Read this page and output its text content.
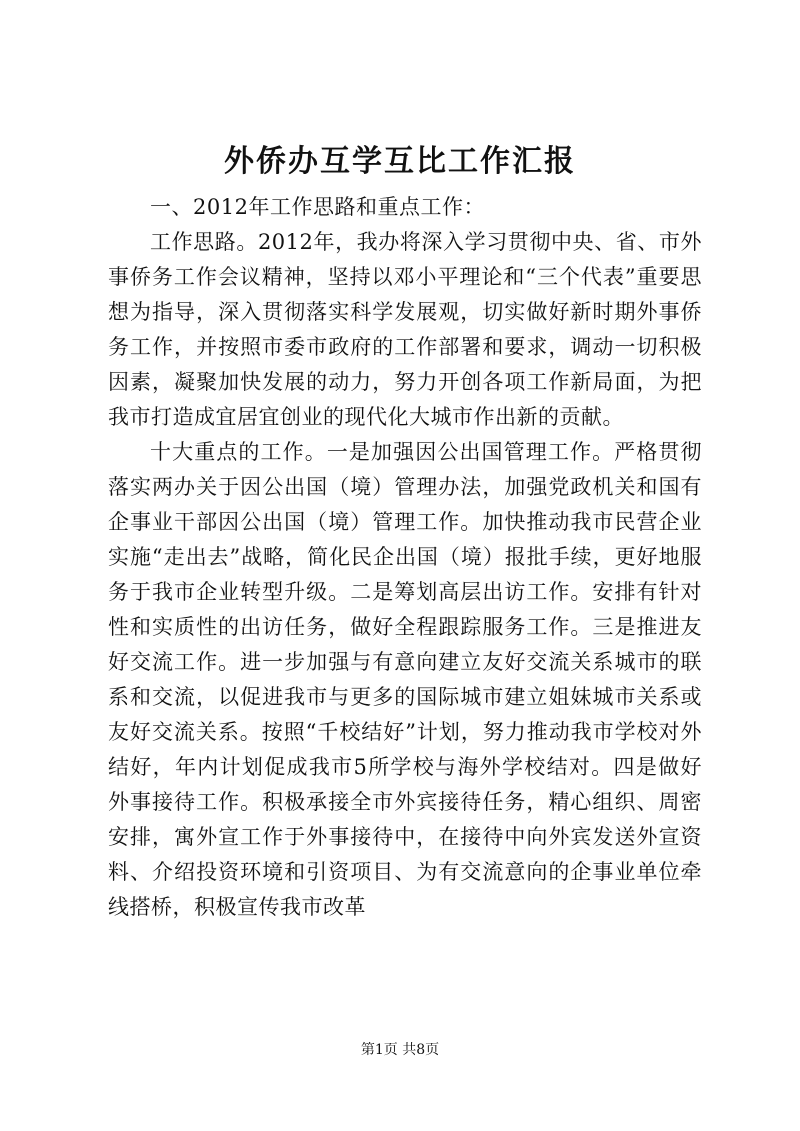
外侨办互学互比工作汇报

一、2012年工作思路和重点工作：

工作思路。2012年，我办将深入学习贯彻中央、省、市外事侨务工作会议精神，坚持以邓小平理论和“三个代表”重要思想为指导，深入贯彻落实科学发展观，切实做好新时期外事侨务工作，并按照市委市政府的工作部署和要求，调动一切积极因素，凝聚加快发展的动力，努力开创各项工作新局面，为把我市打造成宜居宜创业的现代化大城市作出新的贡献。

十大重点的工作。一是加强因公出国管理工作。严格贯彻落实两办关于因公出国（境）管理办法，加强党政机关和国有企事业干部因公出国（境）管理工作。加快推动我市民营企业实施“走出去”战略，简化民企出国（境）报批手续，更好地服务于我市企业转型升级。二是筹划高层出访工作。安排有针对性和实质性的出访任务，做好全程跟踪服务工作。三是推进友好交流工作。进一步加强与有意向建立友好交流关系城市的联系和交流，以促进我市与更多的国际城市建立姐妹城市关系或友好交流关系。按照“千校结好”计划，努力推动我市学校对外结好，年内计划促成我市5所学校与海外学校结对。四是做好外事接待工作。积极承接全市外宾接待任务，精心组织、周密安排，寓外宣工作于外事接待中，在接待中向外宾发送外宣资料、介绍投资环境和引资项目、为有交流意向的企事业单位牵线搭桥，积极宣传我市改革

第1页 共8页
